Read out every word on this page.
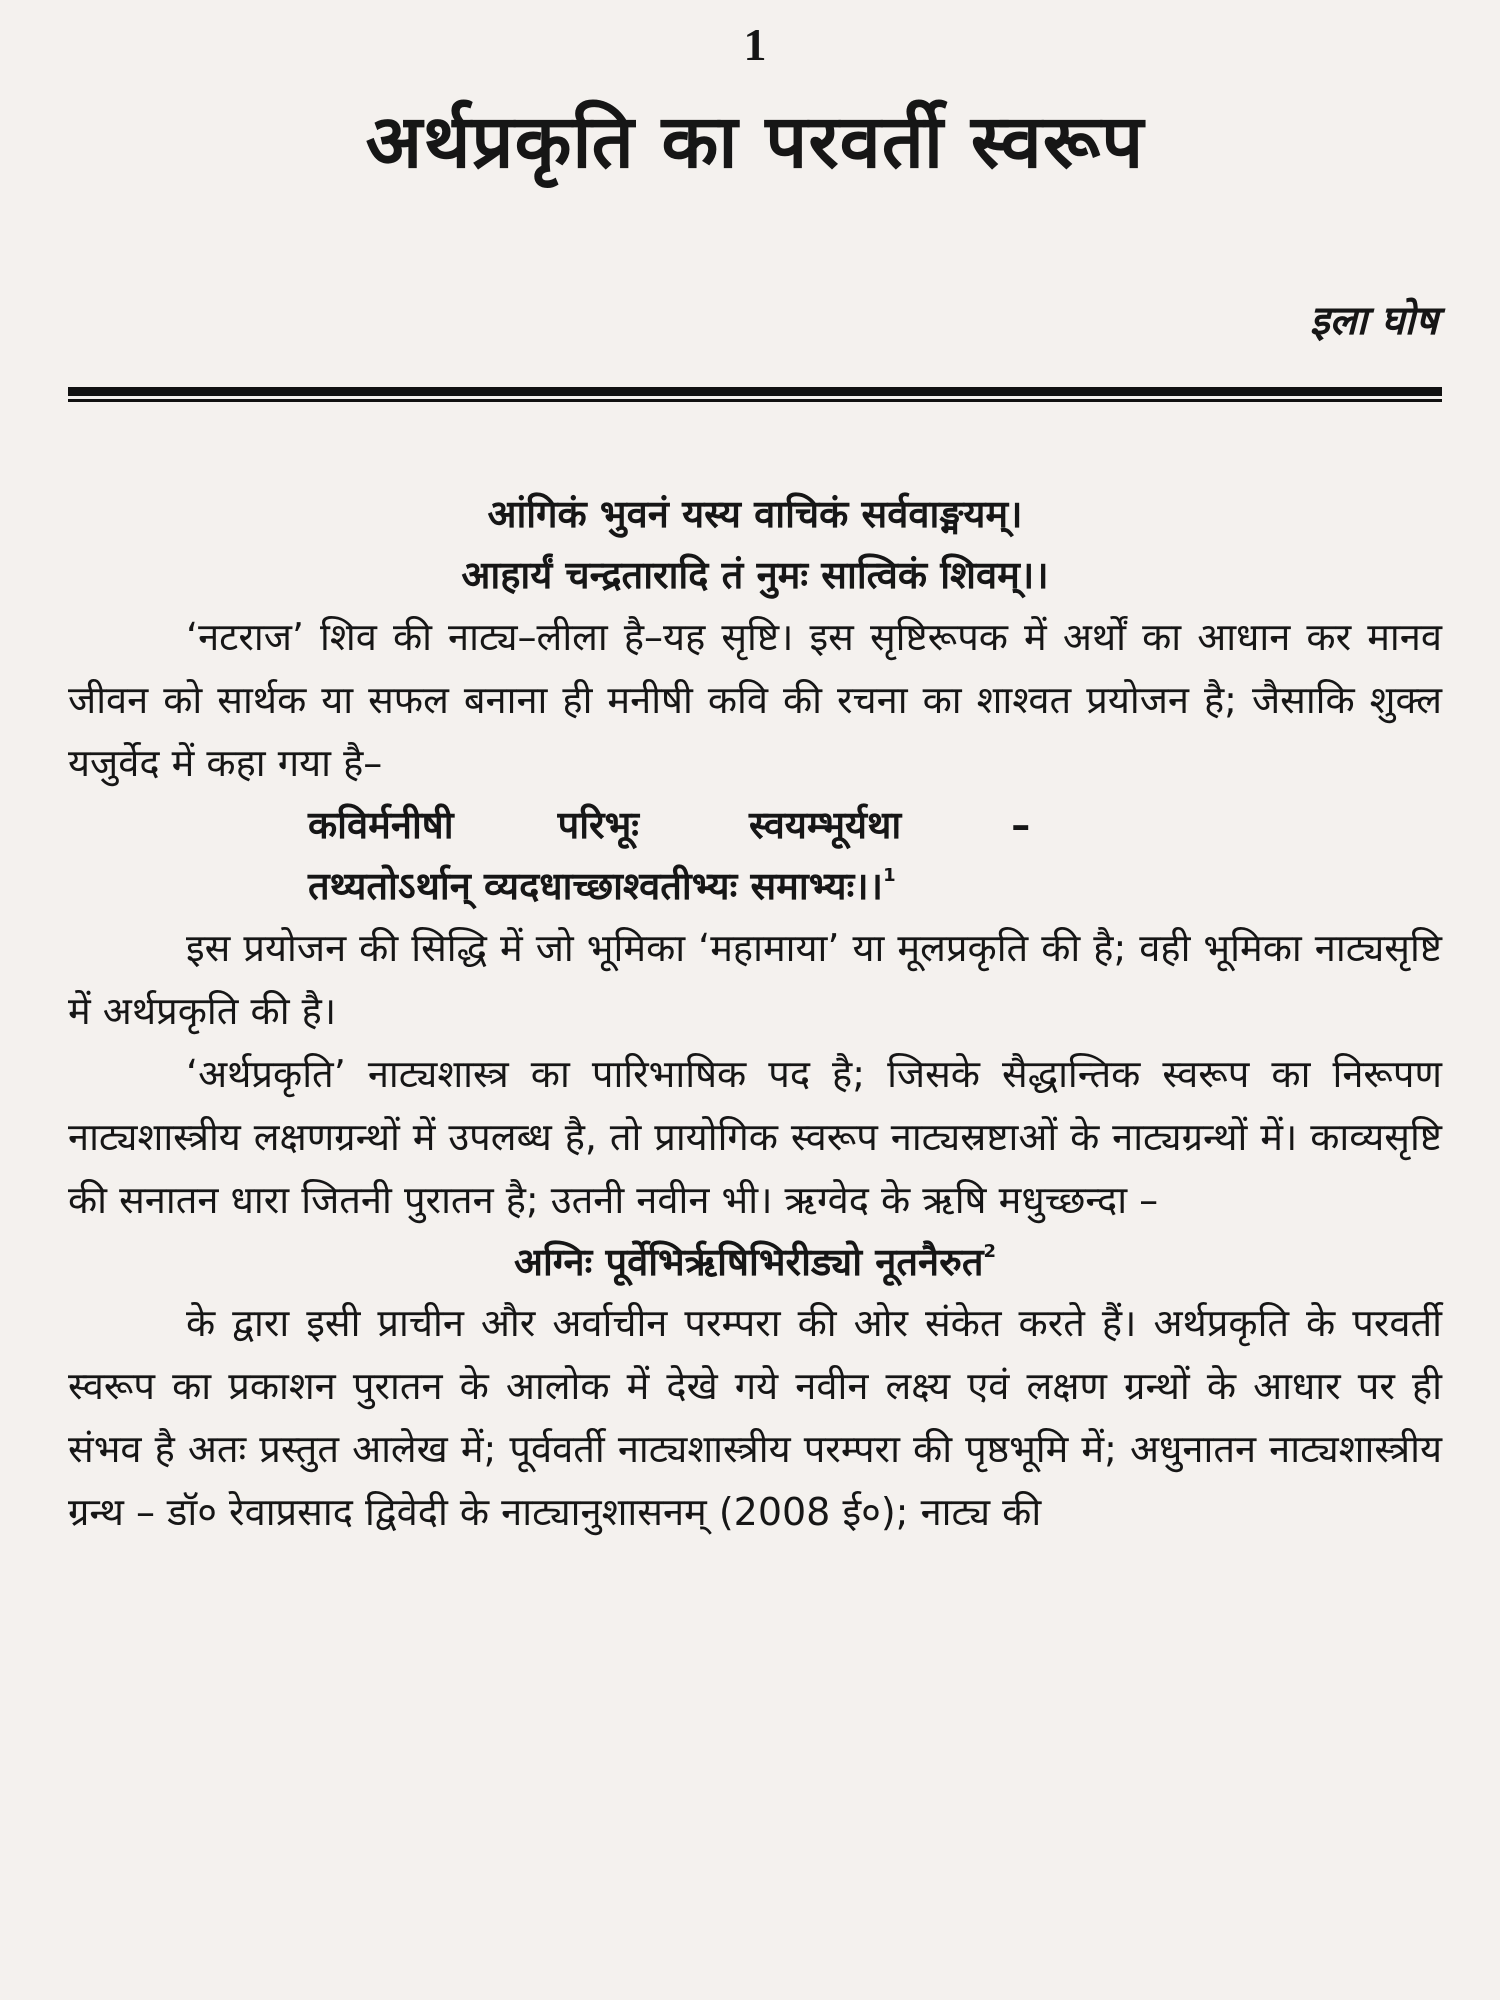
1
अर्थप्रकृति का परवर्ती स्वरूप
इला घोष
आंगिकं भुवनं यस्य वाचिकं सर्ववाङ्मयम्।
आहार्यं चन्द्रतारादि तं नुमः सात्विकं शिवम्।।

‘नटराज’ शिव की नाट्य–लीला है–यह सृष्टि। इस सृष्टिरूपक में अर्थों का आधान कर मानव जीवन को सार्थक या सफल बनाना ही मनीषी कवि की रचना का शाश्वत प्रयोजन है; जैसाकि शुक्ल यजुर्वेद में कहा गया है–

कविर्मनीषी	परिभूः	स्वयम्भूर्यथा	–
तथ्यतोऽर्थान् व्यदधाच्छाश्वतीभ्यः समाभ्यः।।$^1$

इस प्रयोजन की सिद्धि में जो भूमिका ‘महामाया’ या मूलप्रकृति की है; वही भूमिका नाट्यसृष्टि में अर्थप्रकृति की है।

‘अर्थप्रकृति’ नाट्यशास्त्र का पारिभाषिक पद है; जिसके सैद्धान्तिक स्वरूप का निरूपण नाट्यशास्त्रीय लक्षणग्रन्थों में उपलब्ध है, तो प्रायोगिक स्वरूप नाट्यस्रष्टाओं के नाट्यग्रन्थों में। काव्यसृष्टि की सनातन धारा जितनी पुरातन है; उतनी नवीन भी। ऋग्वेद के ऋषि मधुच्छन्दा –

अग्निः पूर्वेभिर्ऋषिभिरीड्यो नूतनैरुत$^2$

के द्वारा इसी प्राचीन और अर्वाचीन परम्परा की ओर संकेत करते हैं। अर्थप्रकृति के परवर्ती स्वरूप का प्रकाशन पुरातन के आलोक में देखे गये नवीन लक्ष्य एवं लक्षण ग्रन्थों के आधार पर ही संभव है अतः प्रस्तुत आलेख में; पूर्ववर्ती नाट्यशास्त्रीय परम्परा की पृष्ठभूमि में; अधुनातन नाट्यशास्त्रीय ग्रन्थ – डॉ० रेवाप्रसाद द्विवेदी के नाट्यानुशासनम् (2008 ई०); नाट्य की
